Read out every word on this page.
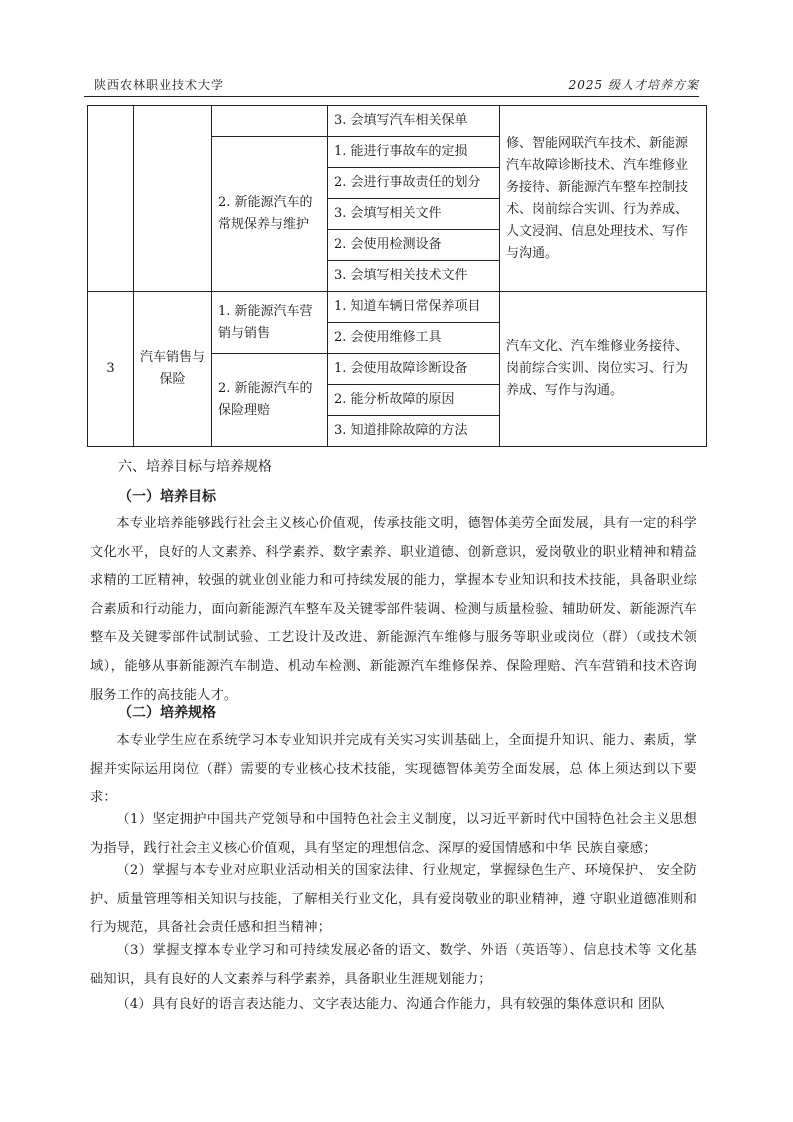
陕西农林职业技术大学	2025 级人才培养方案
			3. 会填写汽车相关保单	修、智能网联汽车技术、新能源汽车故障诊断技术、汽车维修业务接待、新能源汽车整车控制技术、岗前综合实训、行为养成、人文浸润、信息处理技术、写作与沟通。
		2. 新能源汽车的常规保养与维护	1. 能进行事故车的定损	
			2. 会进行事故责任的划分	
			3. 会填写相关文件	
			2. 会使用检测设备	
			3. 会填写相关技术文件	

3	汽车销售与保险	1. 新能源汽车营销与销售	1. 知道车辆日常保养项目	汽车文化、汽车维修业务接待、岗前综合实训、岗位实习、行为养成、写作与沟通。
			2. 会使用维修工具	
		2. 新能源汽车的保险理赔	1. 会使用故障诊断设备	
			2. 能分析故障的原因	
			3. 知道排除故障的方法	
六、培养目标与培养规格
（一）培养目标
本专业培养能够践行社会主义核心价值观，传承技能文明，德智体美劳全面发展，具有一定的科学文化水平，良好的人文素养、科学素养、数字素养、职业道德、创新意识，爱岗敬业的职业精神和精益求精的工匠精神，较强的就业创业能力和可持续发展的能力，掌握本专业知识和技术技能，具备职业综合素质和行动能力，面向新能源汽车整车及关键零部件装调、检测与质量检验、辅助研发、新能源汽车整车及关键零部件试制试验、工艺设计及改进、新能源汽车维修与服务等职业或岗位（群）（或技术领域），能够从事新能源汽车制造、机动车检测、新能源汽车维修保养、保险理赔、汽车营销和技术咨询服务工作的高技能人才。
（二）培养规格
本专业学生应在系统学习本专业知识并完成有关实习实训基础上，全面提升知识、能力、素质，掌握并实际运用岗位（群）需要的专业核心技术技能，实现德智体美劳全面发展，总 体上须达到以下要求：
（1）坚定拥护中国共产党领导和中国特色社会主义制度，以习近平新时代中国特色社会主义思想为指导，践行社会主义核心价值观，具有坚定的理想信念、深厚的爱国情感和中华 民族自豪感；
（2）掌握与本专业对应职业活动相关的国家法律、行业规定，掌握绿色生产、环境保护、 安全防护、质量管理等相关知识与技能，了解相关行业文化，具有爱岗敬业的职业精神，遵 守职业道德准则和行为规范，具备社会责任感和担当精神；
（3）掌握支撑本专业学习和可持续发展必备的语文、数学、外语（英语等）、信息技术等 文化基础知识，具有良好的人文素养与科学素养，具备职业生涯规划能力；
（4）具有良好的语言表达能力、文字表达能力、沟通合作能力，具有较强的集体意识和 团队
